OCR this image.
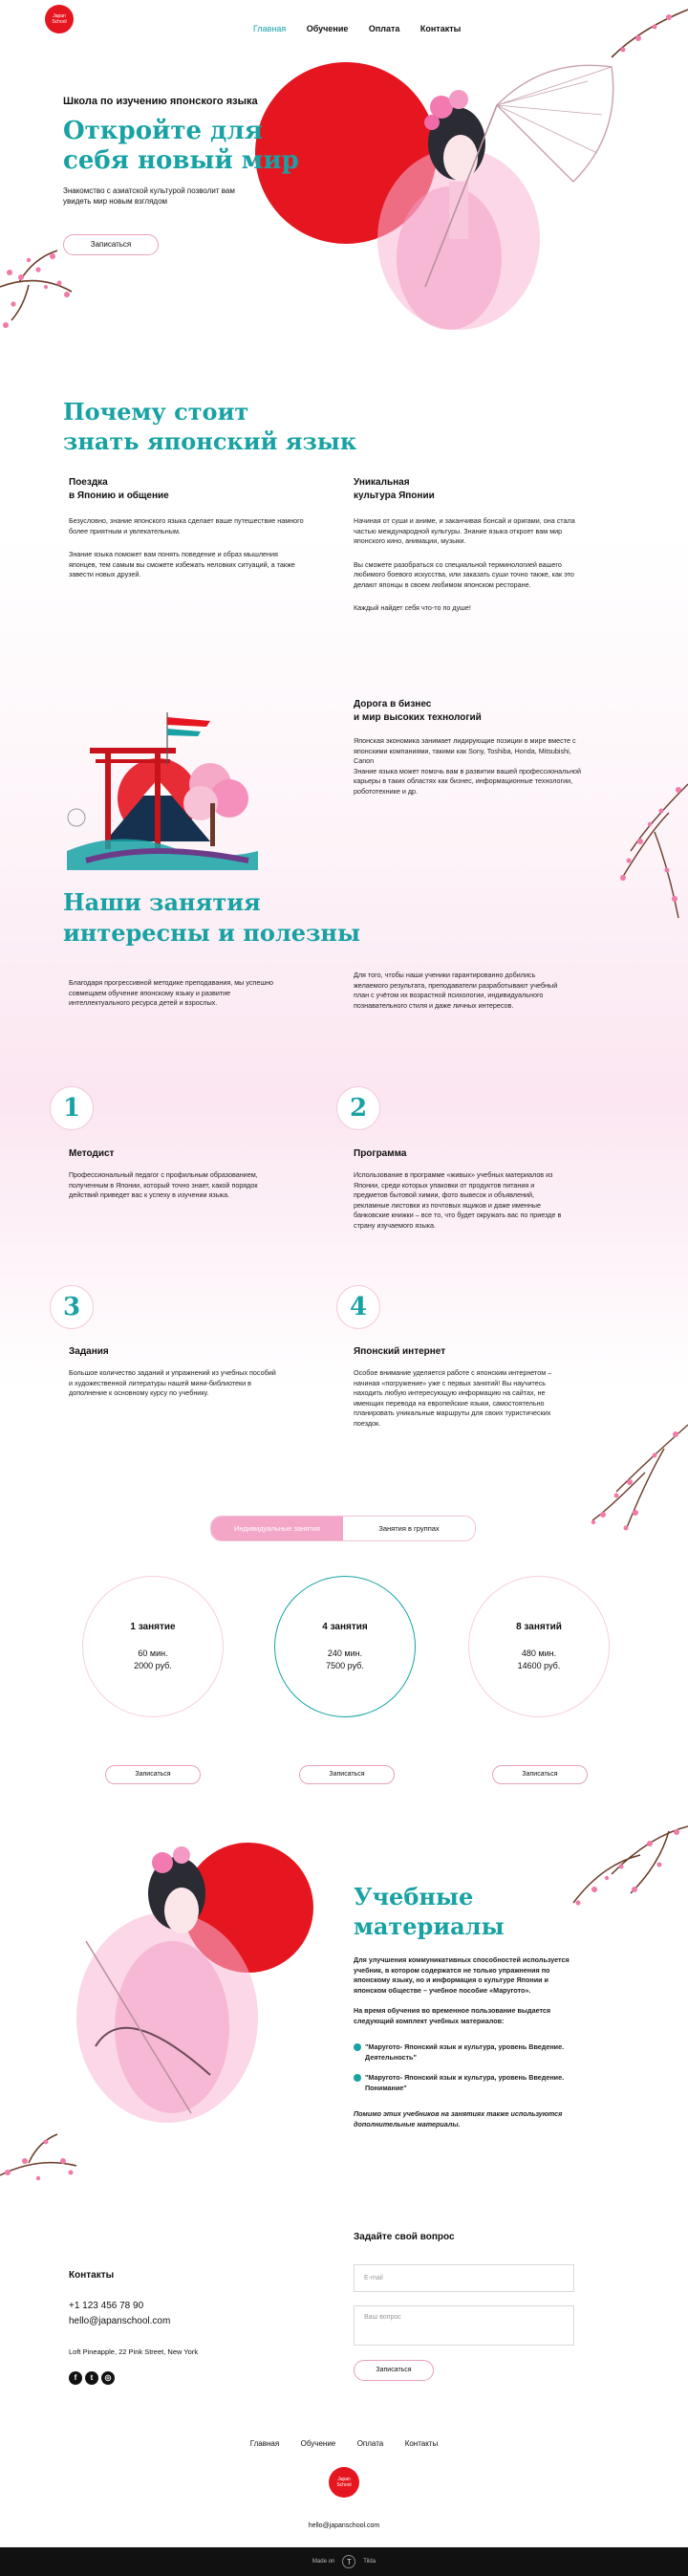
Japan School
Главная Обучение Оплата Контакты
Школа по изучению японского языка
Откройте для
себя новый мир
Знакомство с азиатской культурой позволит вам увидеть мир новым взглядом
Записаться
Почему стоит
знать японский язык
Поездка
в Японию и общение
Безусловно, знание японского языка сделает ваше путешествие намного более приятным и увлекательным.
Знание языка поможет вам понять поведение и образ мышления японцев, тем самым вы сможете избежать неловких ситуаций, а также завести новых друзей.
Уникальная
культура Японии
Начиная от суши и аниме, и заканчивая бонсай и оригами, она стала частью международной культуры. Знание языка откроет вам мир японского кино, анимации, музыки.
Вы сможете разобраться со специальной терминологией вашего любимого боевого искусства, или заказать суши точно также, как это делают японцы в своем любимом японском ресторане.
Каждый найдет себя что-то по душе!
Дорога в бизнес
и мир высоких технологий
Японская экономика занимает лидирующие позиции в мире вместе с японскими компаниями, такими как Sony, Toshiba, Honda, Mitsubishi, Canon
Знание языка может помочь вам в развитии вашей профессиональной карьеры в таких областях как бизнес, информационные технологии, робототехнике и др.
Наши занятия
интересны и полезны
Благодаря прогрессивной методике преподавания, мы успешно совмещаем обучение японскому языку и развитие интеллектуального ресурса детей и взрослых.
Для того, чтобы наши ученики гарантированно добились желаемого результата, преподаватели разработывают учебный план с учётом их возрастной психологии, индивидуального познавательного стиля и даже личных интересов.
1
Методист
Профессиональный педагог с профильным образованием, полученным в Японии, который точно знает, какой порядок действий приведет вас к успеху в изучении языка.
2
Программа
Использование в программе «живых» учебных материалов из Японии, среди которых упаковки от продуктов питания и предметов бытовой химии, фото вывесок и объявлений, рекламные листовки из почтовых ящиков и даже именные банковские книжки – все то, что будет окружать вас по приезде в страну изучаемого языка.
3
Задания
Большое количество заданий и упражнений из учебных пособий и художественной литературы нашей мини-библиотеки в дополнение к основному курсу по учебнику.
4
Японский интернет
Особое внимание уделяется работе с японским интернетом – начиная «погружение» уже с первых занятий! Вы научитесь находить любую интересующую информацию на сайтах, не имеющих перевода на европейские языки, самостоятельно планировать уникальные маршруты для своих туристических поездок.
Индивидуальные занятия	Занятия в группах
1 занятие
60 мин.
2000 руб.
4 занятия
240 мин.
7500 руб.
8 занятий
480 мин.
14600 руб.
Записаться	Записаться	Записаться
Учебные
материалы
Для улучшения коммуникативных способностей используется учебник, в котором содержатся не только упражнения по японскому языку, но и информация о культуре Японии и японском обществе – учебное пособие «Маругото».
На время обучения во временное пользование выдается следующий комплект учебных материалов:
"Маругото- Японский язык и культура, уровень Введение. Деятельность"
"Маругото- Японский язык и культура, уровень Введение. Понимание"
Помимо этих учебников на занятиях также используются дополнительные материалы.
Контакты
+1 123 456 78 90
hello@japanschool.com
Loft Pineapple, 22 Pink Street, New York
f t ◎
Задайте свой вопрос
E-mail
Ваш вопрос
Записаться
Главная	Обучение	Оплата	Контакты
Japan School
hello@japanschool.com
Made on	T	Tilda
